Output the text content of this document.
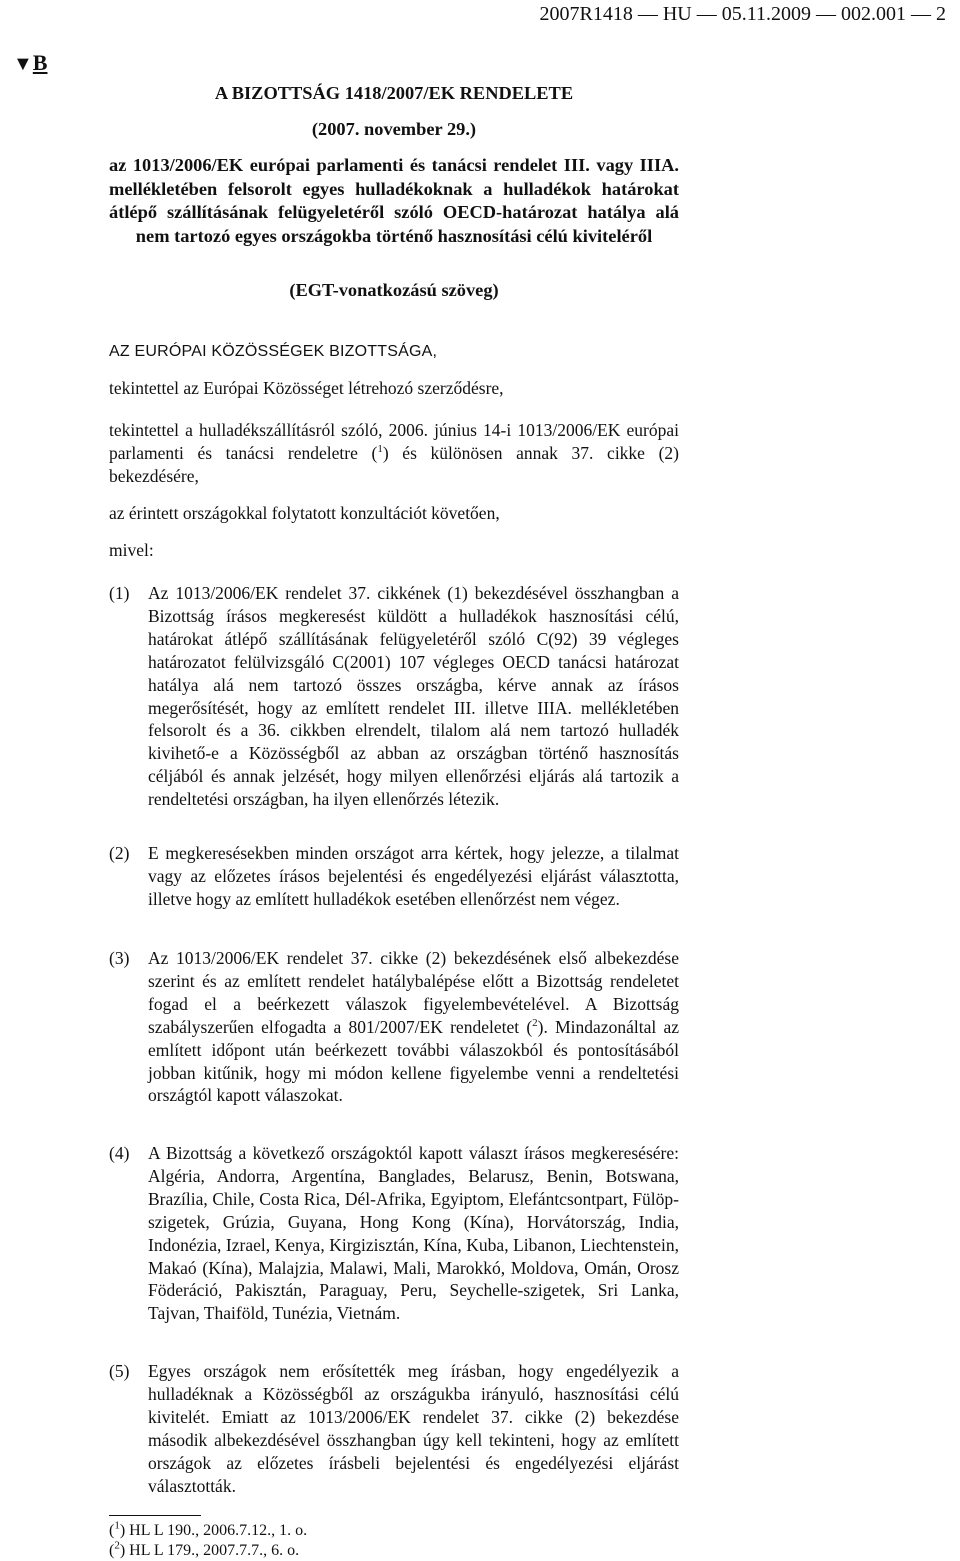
2007R1418 — HU — 05.11.2009 — 002.001 — 2
▼B
A BIZOTTSÁG 1418/2007/EK RENDELETE
(2007. november 29.)
az 1013/2006/EK európai parlamenti és tanácsi rendelet III. vagy IIIA. mellékletében felsorolt egyes hulladékoknak a hulladékok határokat átlépő szállításának felügyeletéről szóló OECD-határozat hatálya alá nem tartozó egyes országokba történő hasznosítási célú kiviteléről
(EGT-vonatkozású szöveg)
AZ EURÓPAI KÖZÖSSÉGEK BIZOTTSÁGA,
tekintettel az Európai Közösséget létrehozó szerződésre,
tekintettel a hulladékszállításról szóló, 2006. június 14-i 1013/2006/EK európai parlamenti és tanácsi rendeletre ($^1$) és különösen annak 37. cikke (2) bekezdésére,
az érintett országokkal folytatott konzultációt követően,
mivel:
(1)	Az 1013/2006/EK rendelet 37. cikkének (1) bekezdésével összhangban a Bizottság írásos megkeresést küldött a hulladékok hasznosítási célú, határokat átlépő szállításának felügyeletéről szóló C(92) 39 végleges határozatot felülvizsgáló C(2001) 107 végleges OECD tanácsi határozat hatálya alá nem tartozó összes országba, kérve annak az írásos megerősítését, hogy az említett rendelet III. illetve IIIA. mellékletében felsorolt és a 36. cikkben elrendelt, tilalom alá nem tartozó hulladék kivihető-e a Közösségből az abban az országban történő hasznosítás céljából és annak jelzését, hogy milyen ellenőrzési eljárás alá tartozik a rendeltetési országban, ha ilyen ellenőrzés létezik.
(2)	E megkeresésekben minden országot arra kértek, hogy jelezze, a tilalmat vagy az előzetes írásos bejelentési és engedélyezési eljárást választotta, illetve hogy az említett hulladékok esetében ellenőrzést nem végez.
(3)	Az 1013/2006/EK rendelet 37. cikke (2) bekezdésének első albekezdése szerint és az említett rendelet hatálybalépése előtt a Bizottság rendeletet fogad el a beérkezett válaszok figyelembevételével. A Bizottság szabályszerűen elfogadta a 801/2007/EK rendeletet ($^2$). Mindazonáltal az említett időpont után beérkezett további válaszokból és pontosításából jobban kitűnik, hogy mi módon kellene figyelembe venni a rendeltetési országtól kapott válaszokat.
(4)	A Bizottság a következő országoktól kapott választ írásos megkeresésére: Algéria, Andorra, Argentína, Banglades, Belarusz, Benin, Botswana, Brazília, Chile, Costa Rica, Dél-Afrika, Egyiptom, Elefántcsontpart, Fülöp-szigetek, Grúzia, Guyana, Hong Kong (Kína), Horvátország, India, Indonézia, Izrael, Kenya, Kirgizisztán, Kína, Kuba, Libanon, Liechtenstein, Makaó (Kína), Malajzia, Malawi, Mali, Marokkó, Moldova, Omán, Orosz Föderáció, Pakisztán, Paraguay, Peru, Seychelle-szigetek, Sri Lanka, Tajvan, Thaiföld, Tunézia, Vietnám.
(5)	Egyes országok nem erősítették meg írásban, hogy engedélyezik a hulladéknak a Közösségből az országukba irányuló, hasznosítási célú kivitelét. Emiatt az 1013/2006/EK rendelet 37. cikke (2) bekezdése második albekezdésével összhangban úgy kell tekinteni, hogy az említett országok az előzetes írásbeli bejelentési és engedélyezési eljárást választották.
($^1$) HL L 190., 2006.7.12., 1. o.
($^2$) HL L 179., 2007.7.7., 6. o.
